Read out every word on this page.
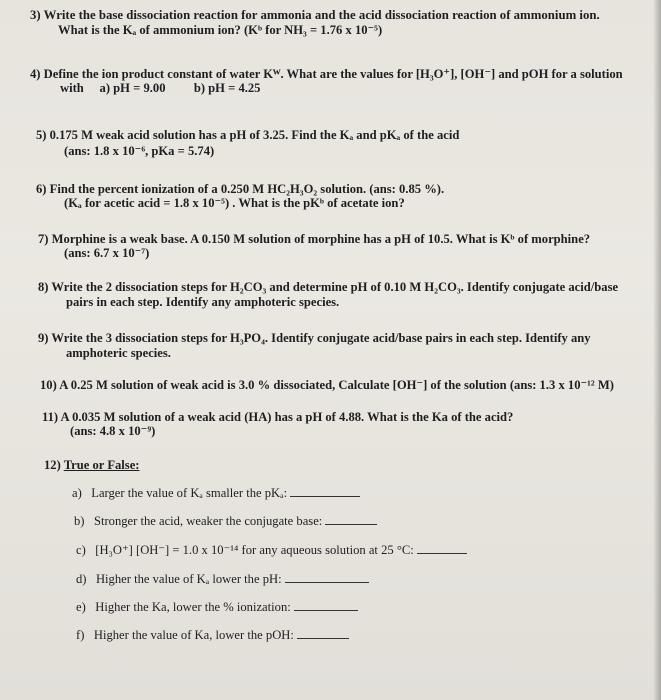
3) Write the base dissociation reaction for ammonia and the acid dissociation reaction of ammonium ion.
What is the Kₐ of ammonium ion? (Kᵇ for NH₃ = 1.76 x 10⁻⁵)
4) Define the ion product constant of water Kᵂ. What are the values for [H₃O⁺], [OH⁻] and pOH for a solution
with     a) pH = 9.00         b) pH = 4.25
5) 0.175 M weak acid solution has a pH of 3.25. Find the Kₐ and pKₐ of the acid
(ans: 1.8 x 10⁻⁶, pKa = 5.74)
6) Find the percent ionization of a 0.250 M HC₂H₃O₂ solution. (ans: 0.85 %).
(Kₐ for acetic acid = 1.8 x 10⁻⁵) . What is the pKᵇ of acetate ion?
7) Morphine is a weak base. A 0.150 M solution of morphine has a pH of 10.5. What is Kᵇ of morphine?
(ans: 6.7 x 10⁻⁷)
8) Write the 2 dissociation steps for H₂CO₃ and determine pH of 0.10 M H₂CO₃. Identify conjugate acid/base
pairs in each step. Identify any amphoteric species.
9) Write the 3 dissociation steps for H₃PO₄. Identify conjugate acid/base pairs in each step. Identify any
amphoteric species.
10) A 0.25 M solution of weak acid is 3.0 % dissociated, Calculate [OH⁻] of the solution (ans: 1.3 x 10⁻¹² M)
11) A 0.035 M solution of a weak acid (HA) has a pH of 4.88. What is the Ka of the acid?
(ans: 4.8 x 10⁻⁹)
12) True or False:
a) Larger the value of Kₐ smaller the pKₐ:
b) Stronger the acid, weaker the conjugate base:
c) [H₃O⁺] [OH⁻] = 1.0 x 10⁻¹⁴ for any aqueous solution at 25 °C:
d) Higher the value of Kₐ lower the pH:
e) Higher the Ka, lower the % ionization:
f) Higher the value of Ka, lower the pOH:
